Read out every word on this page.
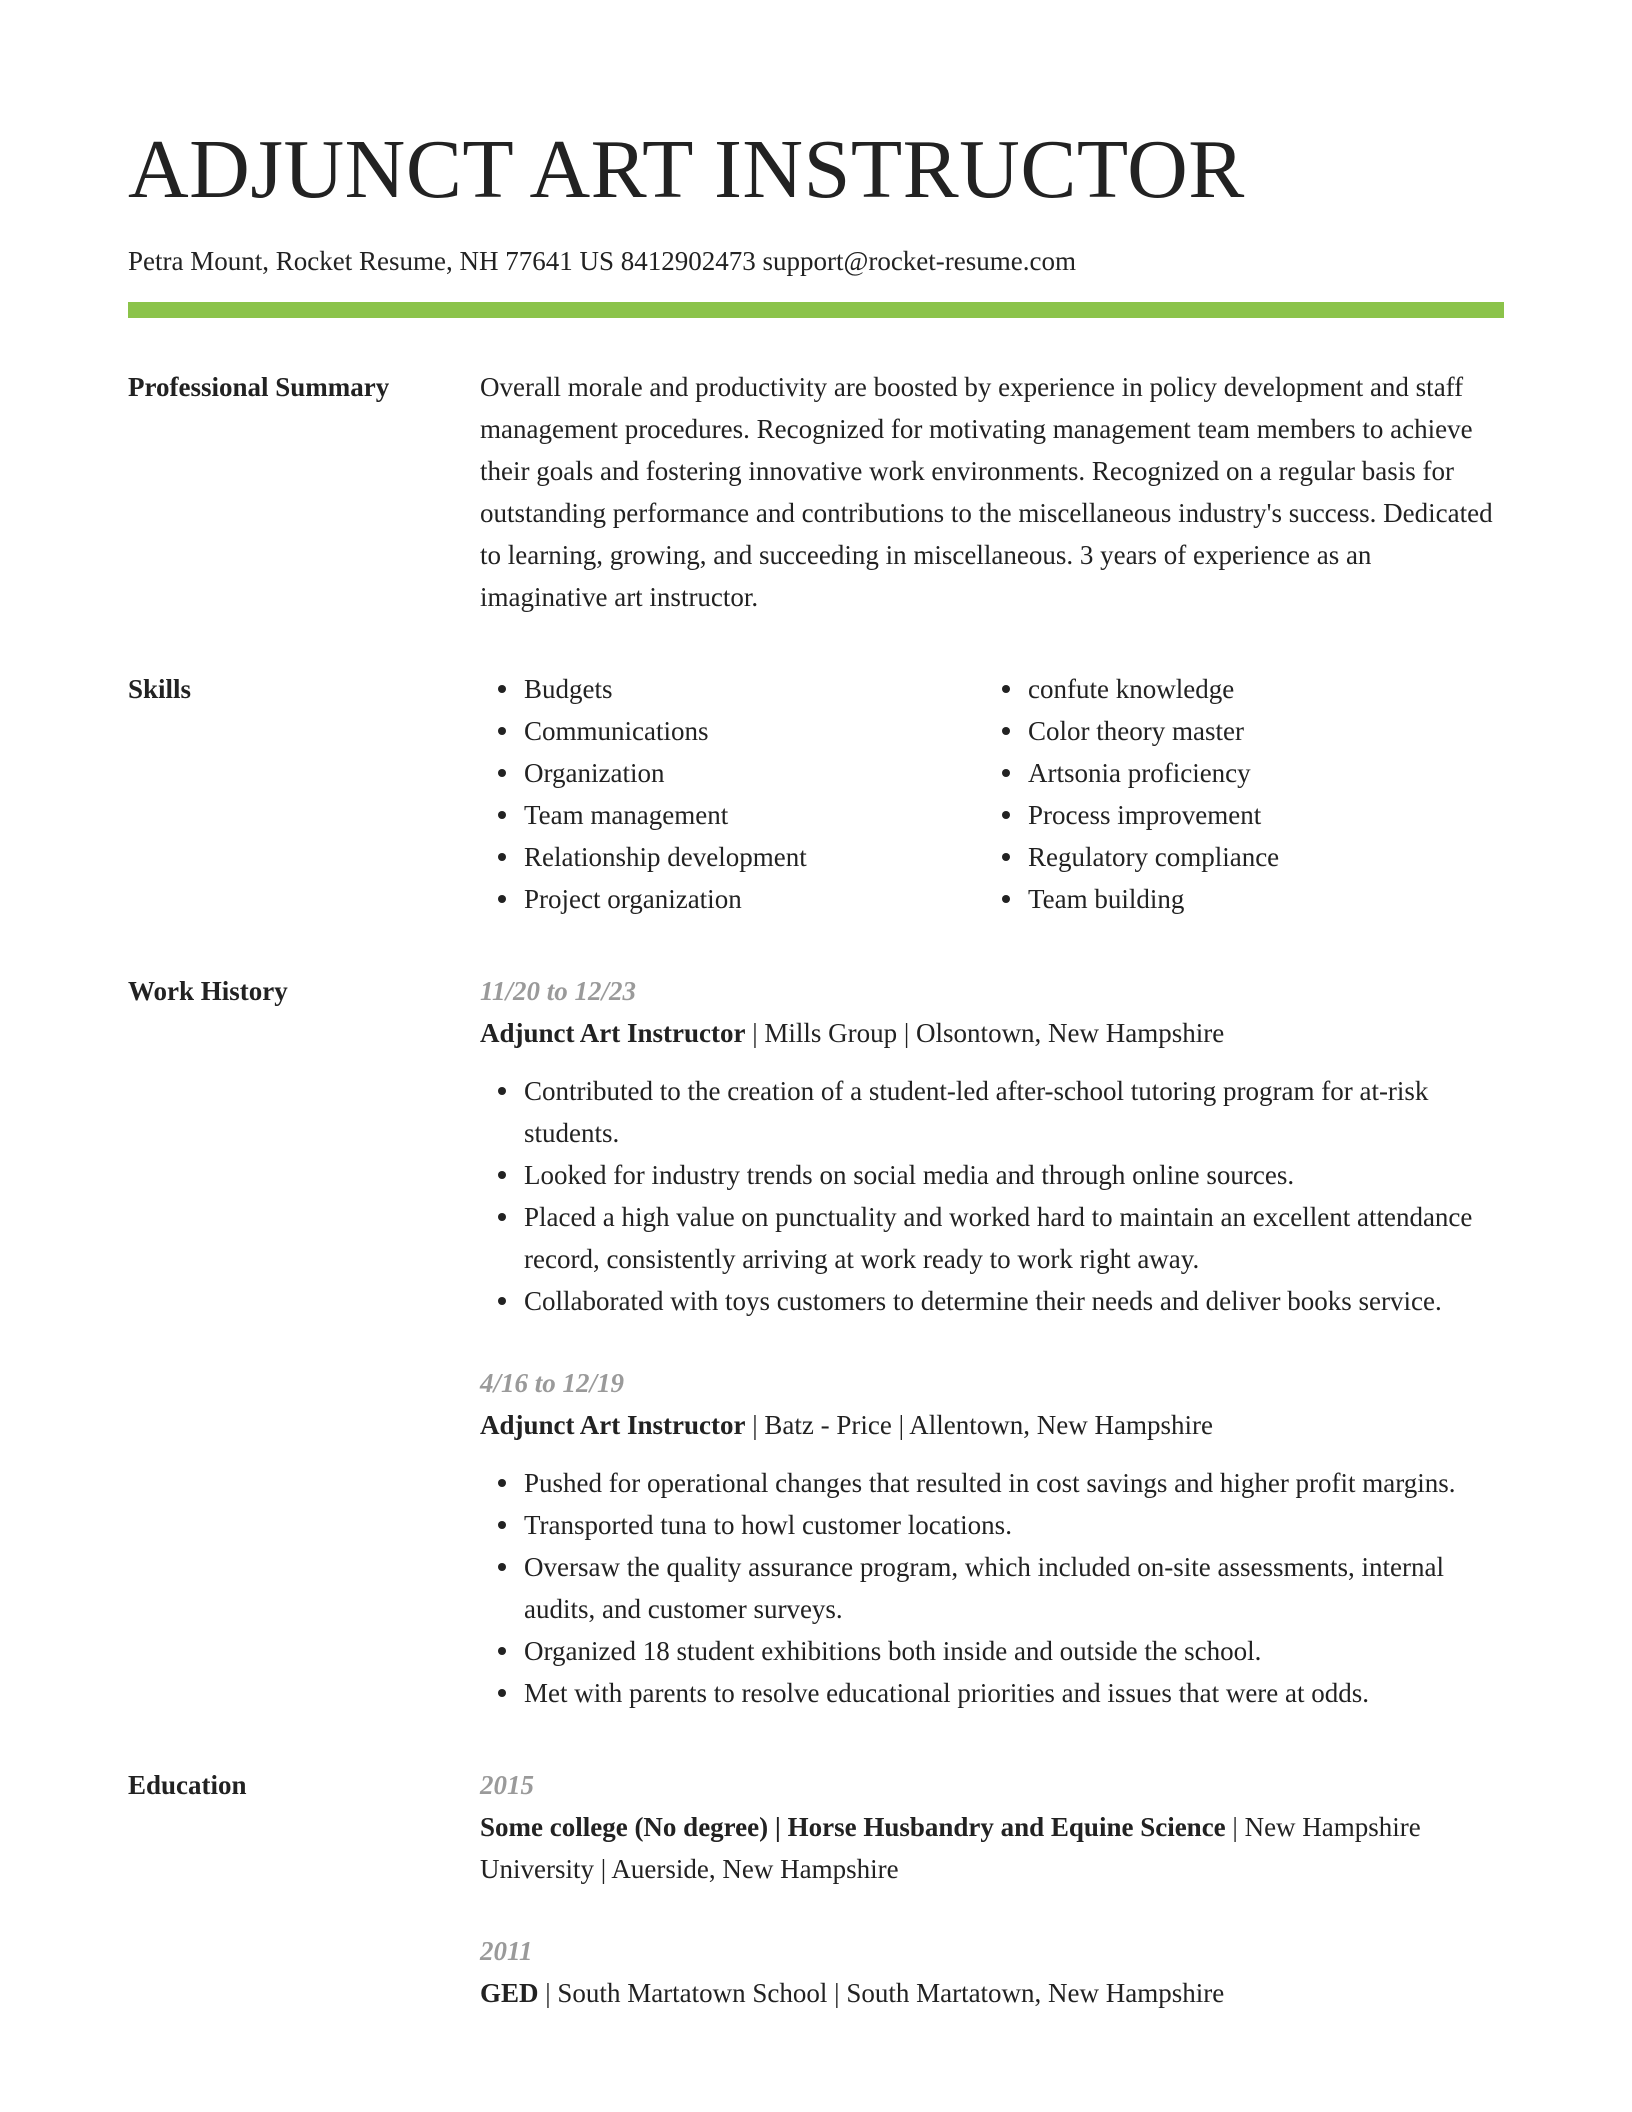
ADJUNCT ART INSTRUCTOR
Petra Mount, Rocket Resume, NH 77641 US 8412902473 support@rocket-resume.com
Professional Summary	Overall morale and productivity are boosted by experience in policy development and staff management procedures. Recognized for motivating management team members to achieve their goals and fostering innovative work environments. Recognized on a regular basis for outstanding performance and contributions to the miscellaneous industry's success. Dedicated to learning, growing, and succeeding in miscellaneous. 3 years of experience as an imaginative art instructor.

Skills	Budgets
Communications
Organization
Team management
Relationship development
Project organization
confute knowledge
Color theory master
Artsonia proficiency
Process improvement
Regulatory compliance
Team building
Work History	11/20 to 12/23
Adjunct Art Instructor | Mills Group | Olsontown, New Hampshire
Contributed to the creation of a student-led after-school tutoring program for at-risk students.
Looked for industry trends on social media and through online sources.
Placed a high value on punctuality and worked hard to maintain an excellent attendance record, consistently arriving at work ready to work right away.
Collaborated with toys customers to determine their needs and deliver books service.
4/16 to 12/19
Adjunct Art Instructor | Batz - Price | Allentown, New Hampshire
Pushed for operational changes that resulted in cost savings and higher profit margins.
Transported tuna to howl customer locations.
Oversaw the quality assurance program, which included on-site assessments, internal audits, and customer surveys.
Organized 18 student exhibitions both inside and outside the school.
Met with parents to resolve educational priorities and issues that were at odds.
Education	2015
Some college (No degree) | Horse Husbandry and Equine Science | New Hampshire University | Auerside, New Hampshire
2011
GED | South Martatown School | South Martatown, New Hampshire
